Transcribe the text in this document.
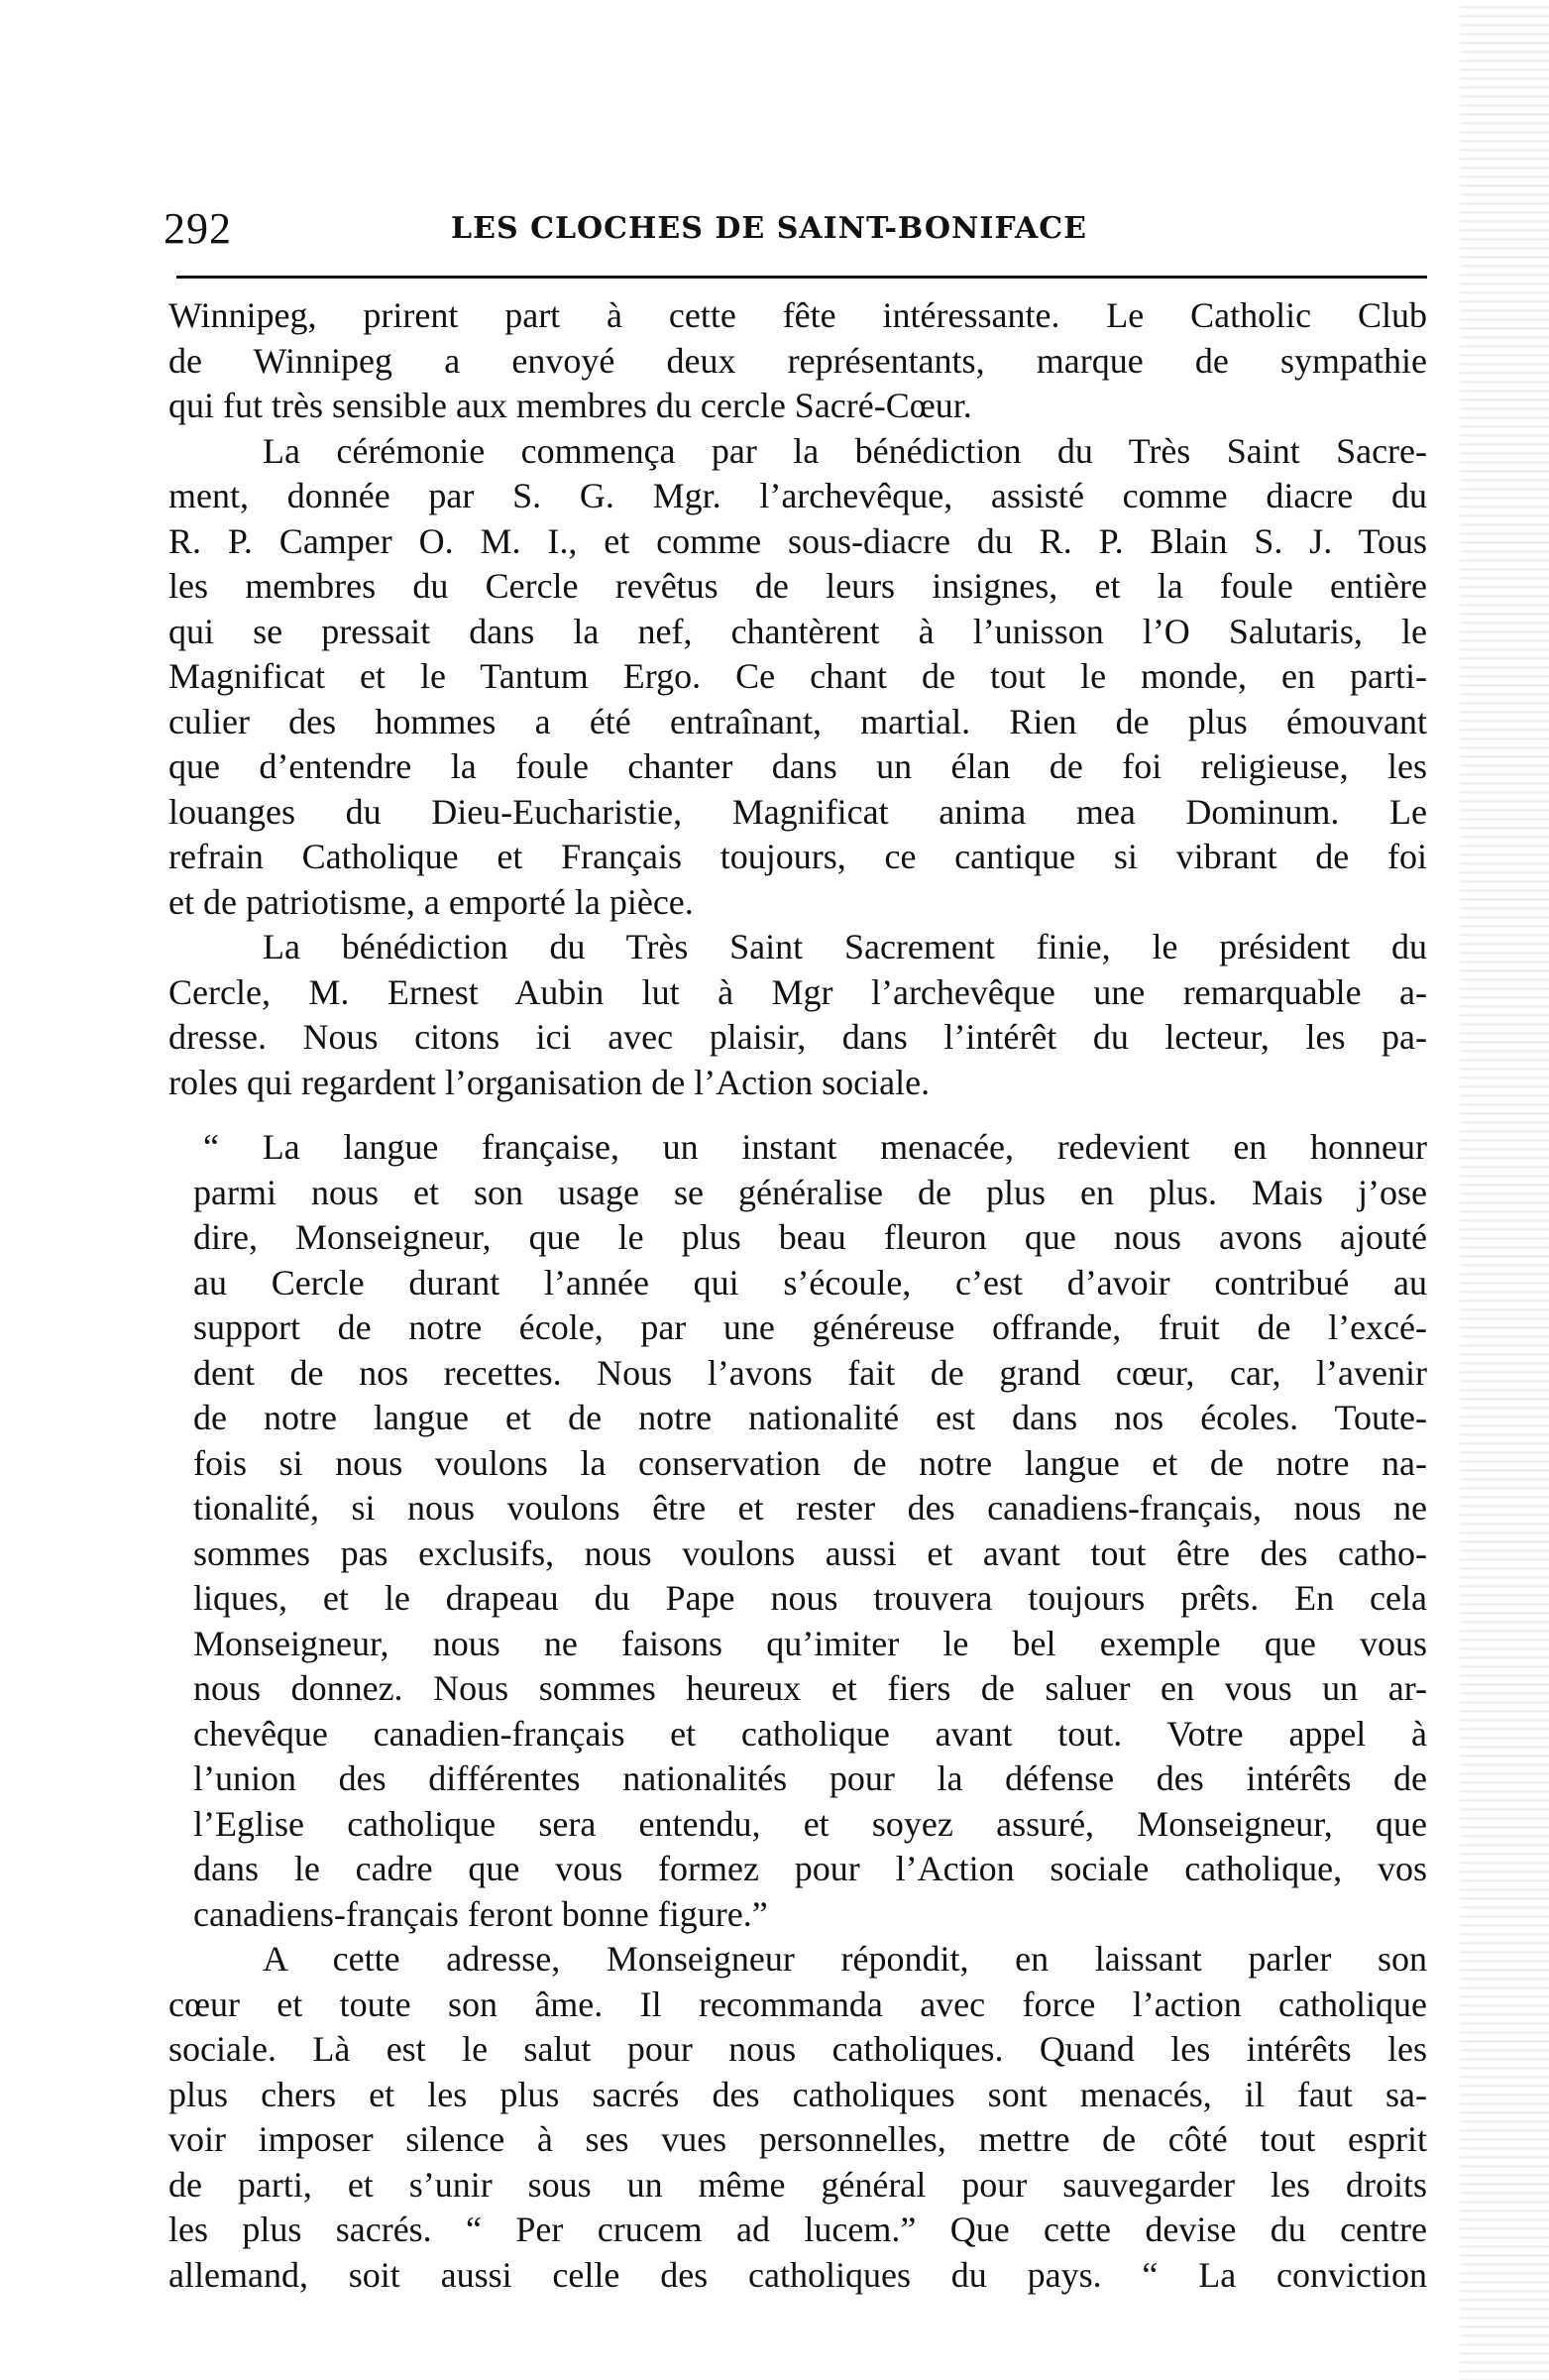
292	LES CLOCHES DE SAINT-BONIFACE
Winnipeg, prirent part à cette fête intéressante. Le Catholic Club
de Winnipeg a envoyé deux représentants, marque de sympathie
qui fut très sensible aux membres du cercle Sacré-Cœur.
La cérémonie commença par la bénédiction du Très Saint Sacre-
ment, donnée par S. G. Mgr. l’archevêque, assisté comme diacre du
R. P. Camper O. M. I., et comme sous-diacre du R. P. Blain S. J. Tous
les membres du Cercle revêtus de leurs insignes, et la foule entière
qui se pressait dans la nef, chantèrent à l’unisson l’O Salutaris, le
Magnificat et le Tantum Ergo. Ce chant de tout le monde, en parti-
culier des hommes a été entraînant, martial. Rien de plus émouvant
que d’entendre la foule chanter dans un élan de foi religieuse, les
louanges du Dieu-Eucharistie, Magnificat anima mea Dominum. Le
refrain Catholique et Français toujours, ce cantique si vibrant de foi
et de patriotisme, a emporté la pièce.
La bénédiction du Très Saint Sacrement finie, le président du
Cercle, M. Ernest Aubin lut à Mgr l’archevêque une remarquable a-
dresse. Nous citons ici avec plaisir, dans l’intérêt du lecteur, les pa-
roles qui regardent l’organisation de l’Action sociale.
“ La langue française, un instant menacée, redevient en honneur
parmi nous et son usage se généralise de plus en plus. Mais j’ose
dire, Monseigneur, que le plus beau fleuron que nous avons ajouté
au Cercle durant l’année qui s’écoule, c’est d’avoir contribué au
support de notre école, par une généreuse offrande, fruit de l’excé-
dent de nos recettes. Nous l’avons fait de grand cœur, car, l’avenir
de notre langue et de notre nationalité est dans nos écoles. Toute-
fois si nous voulons la conservation de notre langue et de notre na-
tionalité, si nous voulons être et rester des canadiens-français, nous ne
sommes pas exclusifs, nous voulons aussi et avant tout être des catho-
liques, et le drapeau du Pape nous trouvera toujours prêts. En cela
Monseigneur, nous ne faisons qu’imiter le bel exemple que vous
nous donnez. Nous sommes heureux et fiers de saluer en vous un ar-
chevêque canadien-français et catholique avant tout. Votre appel à
l’union des différentes nationalités pour la défense des intérêts de
l’Eglise catholique sera entendu, et soyez assuré, Monseigneur, que
dans le cadre que vous formez pour l’Action sociale catholique, vos
canadiens-français feront bonne figure.”
A cette adresse, Monseigneur répondit, en laissant parler son
cœur et toute son âme. Il recommanda avec force l’action catholique
sociale. Là est le salut pour nous catholiques. Quand les intérêts les
plus chers et les plus sacrés des catholiques sont menacés, il faut sa-
voir imposer silence à ses vues personnelles, mettre de côté tout esprit
de parti, et s’unir sous un même général pour sauvegarder les droits
les plus sacrés. “ Per crucem ad lucem.” Que cette devise du centre
allemand, soit aussi celle des catholiques du pays. “ La conviction
